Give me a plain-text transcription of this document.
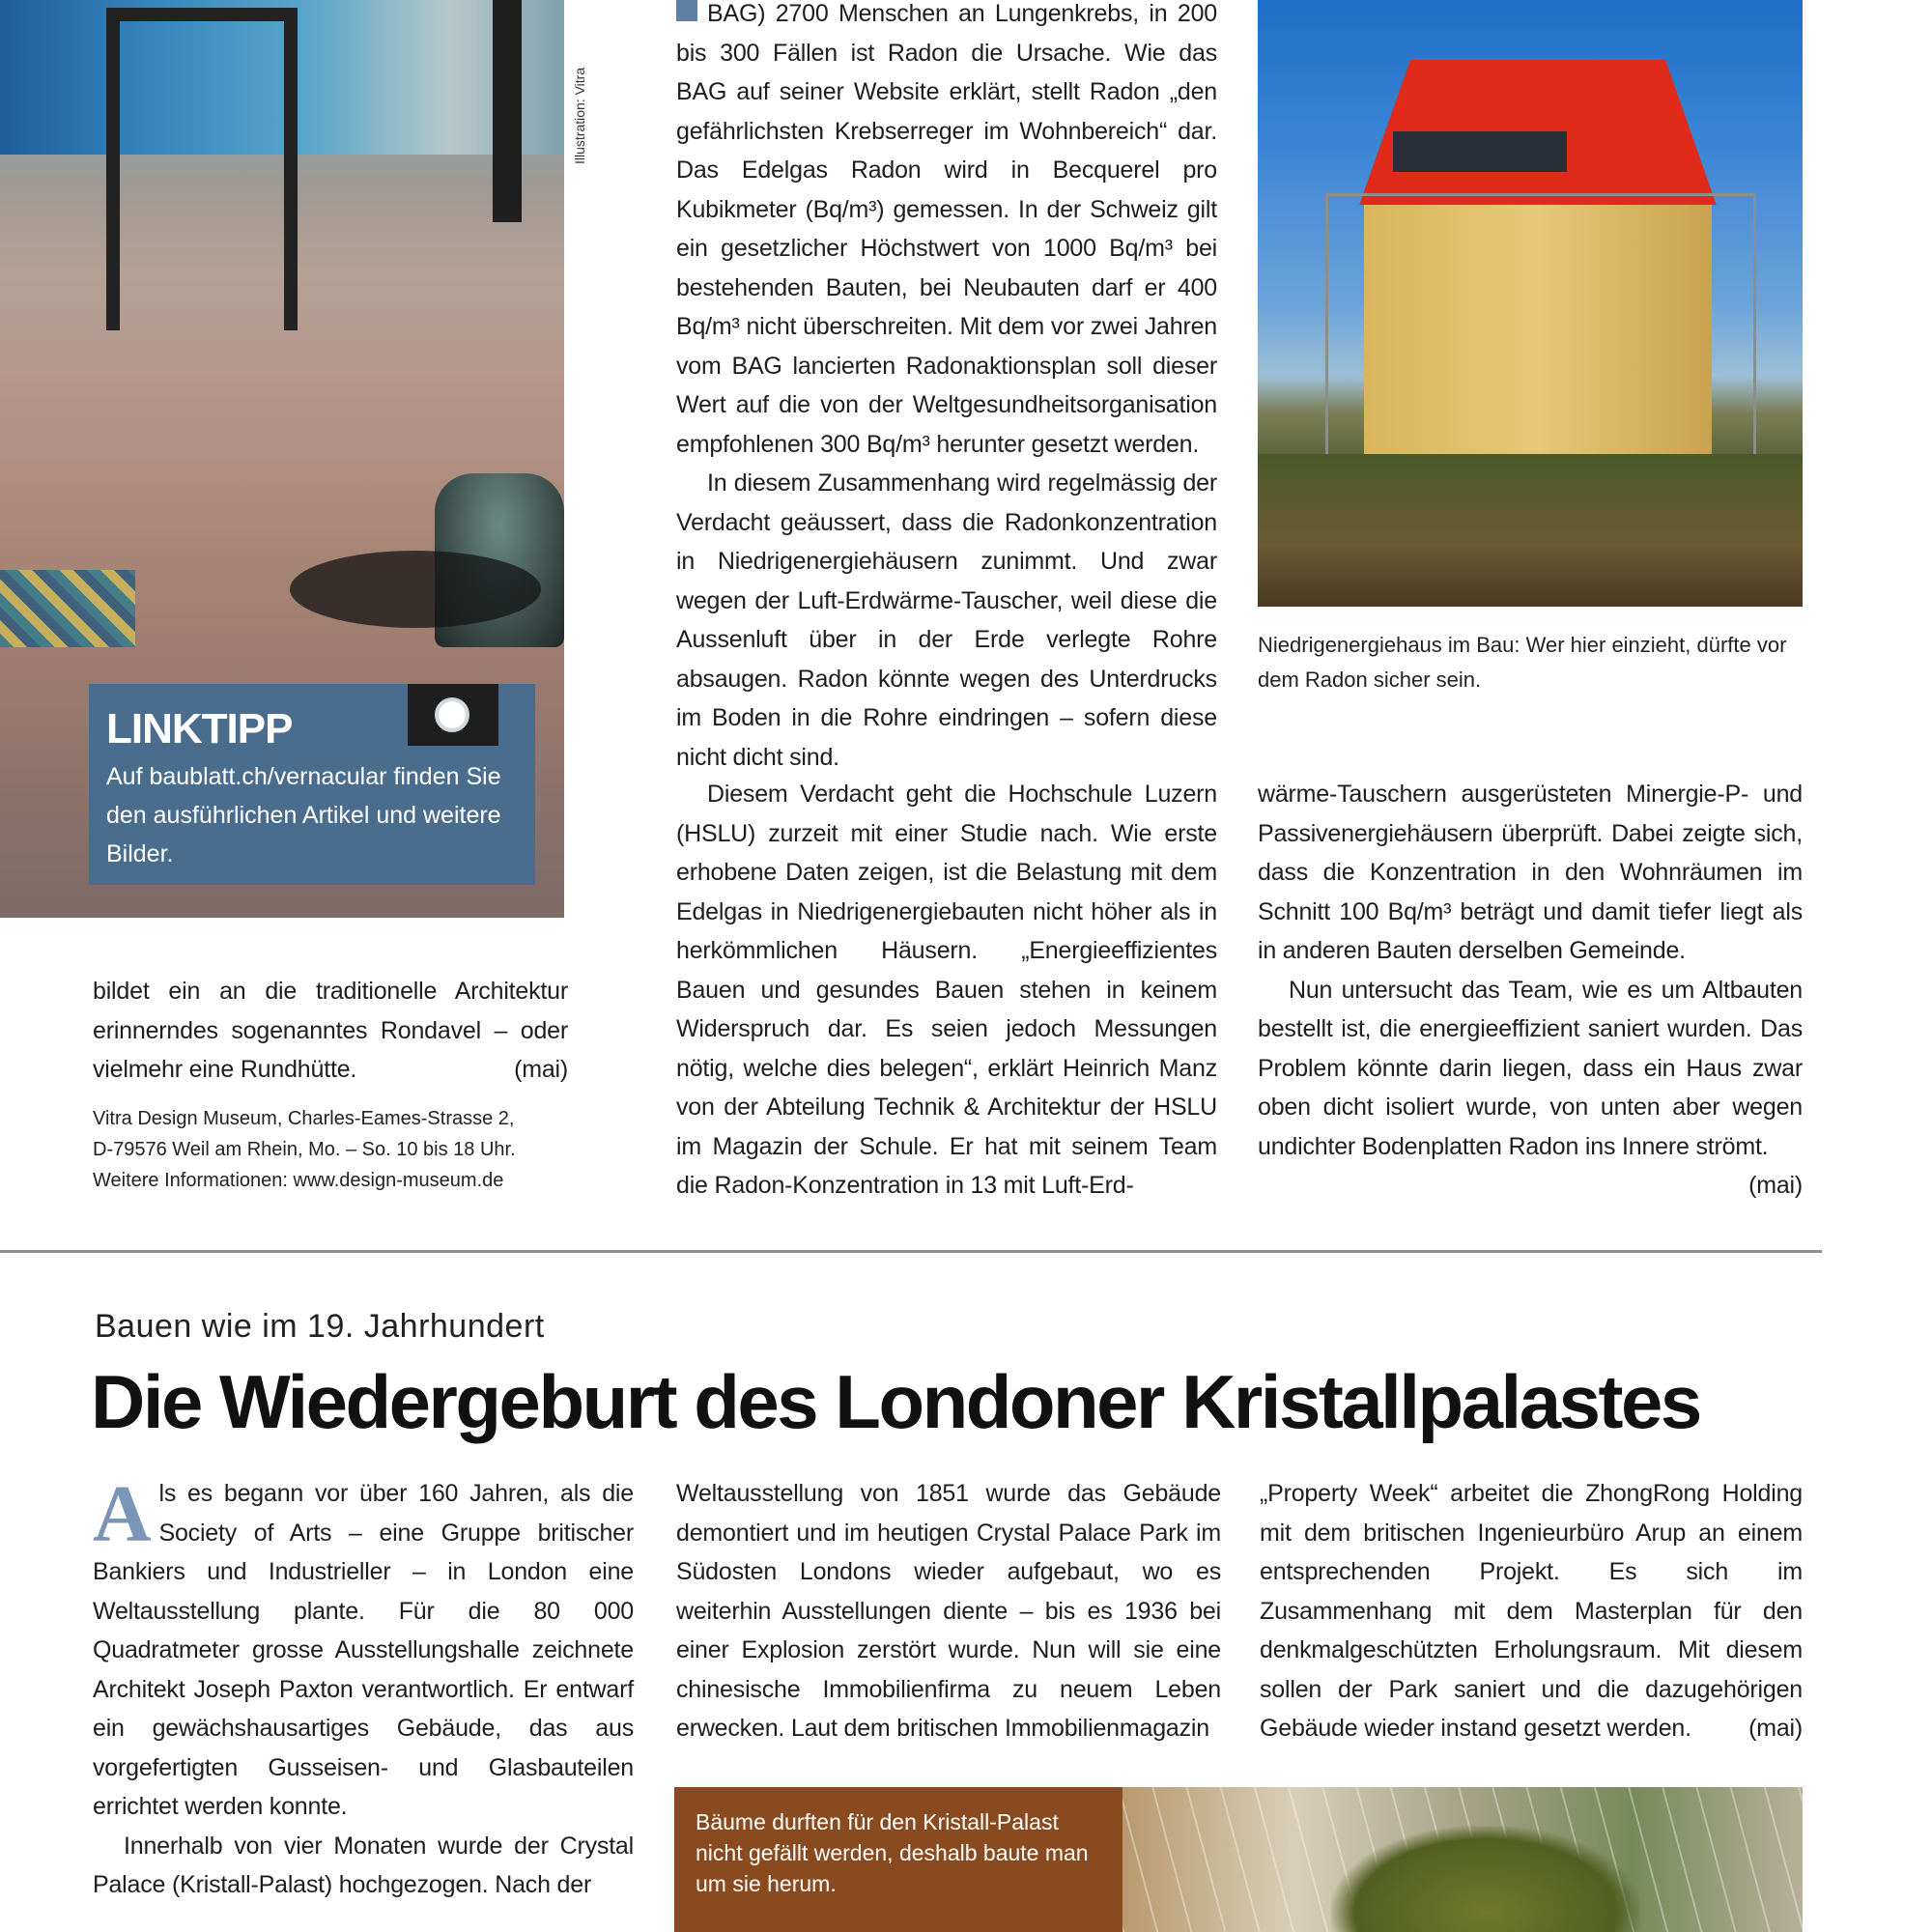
LINKTIPP
Auf baublatt.ch/vernacular finden Sie den ausführlichen Artikel und weitere Bilder.
Illustration: Vitra

bildet ein an die traditionelle Architektur erinnerndes sogenanntes Rondavel – oder vielmehr eine Rundhütte.	(mai)

Vitra Design Museum, Charles-Eames-Strasse 2,
D-79576 Weil am Rhein, Mo. – So. 10 bis 18 Uhr.
Weitere Informationen: www.design-museum.de

BAG) 2700 Menschen an Lungenkrebs, in 200 bis 300 Fällen ist Radon die Ursache. Wie das BAG auf seiner Website erklärt, stellt Radon „den gefährlichsten Krebserreger im Wohnbereich“ dar. Das Edelgas Radon wird in Becquerel pro Kubikmeter (Bq/m³) gemessen. In der Schweiz gilt ein gesetzlicher Höchstwert von 1000 Bq/m³ bei bestehenden Bauten, bei Neubauten darf er 400 Bq/m³ nicht überschreiten. Mit dem vor zwei Jahren vom BAG lancierten Radonaktionsplan soll dieser Wert auf die von der Weltgesundheitsorganisation empfohlenen 300 Bq/m³ herunter gesetzt werden.

In diesem Zusammenhang wird regelmässig der Verdacht geäussert, dass die Radonkonzentration in Niedrigenergiehäusern zunimmt. Und zwar wegen der Luft-Erdwärme-Tauscher, weil diese die Aussenluft über in der Erde verlegte Rohre absaugen. Radon könnte wegen des Unterdrucks im Boden in die Rohre eindringen – sofern diese nicht dicht sind.

Diesem Verdacht geht die Hochschule Luzern (HSLU) zurzeit mit einer Studie nach. Wie erste erhobene Daten zeigen, ist die Belastung mit dem Edelgas in Niedrigenergiebauten nicht höher als in herkömmlichen Häusern. „Energieeffizientes Bauen und gesundes Bauen stehen in keinem Widerspruch dar. Es seien jedoch Messungen nötig, welche dies belegen“, erklärt Heinrich Manz von der Abteilung Technik & Architektur der HSLU im Magazin der Schule. Er hat mit seinem Team die Radon-Konzentration in 13 mit Luft-Erd-

Niedrigenergiehaus im Bau: Wer hier einzieht, dürfte vor dem Radon sicher sein.

wärme-Tauschern ausgerüsteten Minergie-P- und Passivenergiehäusern überprüft. Dabei zeigte sich, dass die Konzentration in den Wohnräumen im Schnitt 100 Bq/m³ beträgt und damit tiefer liegt als in anderen Bauten derselben Gemeinde.

Nun untersucht das Team, wie es um Altbauten bestellt ist, die energieeffizient saniert wurden. Das Problem könnte darin liegen, dass ein Haus zwar oben dicht isoliert wurde, von unten aber wegen undichter Bodenplatten Radon ins Innere strömt.
(mai)

Bauen wie im 19. Jahrhundert
Die Wiedergeburt des Londoner Kristallpalastes

Als es begann vor über 160 Jahren, als die Society of Arts – eine Gruppe britischer Bankiers und Industrieller – in London eine Weltausstellung plante. Für die 80 000 Quadratmeter grosse Ausstellungshalle zeichnete Architekt Joseph Paxton verantwortlich. Er entwarf ein gewächshausartiges Gebäude, das aus vorgefertigten Gusseisen- und Glasbauteilen errichtet werden konnte.

Innerhalb von vier Monaten wurde der Crystal Palace (Kristall-Palast) hochgezogen. Nach der

Weltausstellung von 1851 wurde das Gebäude demontiert und im heutigen Crystal Palace Park im Südosten Londons wieder aufgebaut, wo es weiterhin Ausstellungen diente – bis es 1936 bei einer Explosion zerstört wurde. Nun will sie eine chinesische Immobilienfirma zu neuem Leben erwecken. Laut dem britischen Immobilienmagazin

„Property Week“ arbeitet die ZhongRong Holding mit dem britischen Ingenieurbüro Arup an einem entsprechenden Projekt. Es sich im Zusammenhang mit dem Masterplan für den denkmalgeschützten Erholungsraum. Mit diesem sollen der Park saniert und die dazugehörigen Gebäude wieder instand gesetzt werden. (mai)

Bäume durften für den Kristall-Palast nicht gefällt werden, deshalb baute man um sie herum.
